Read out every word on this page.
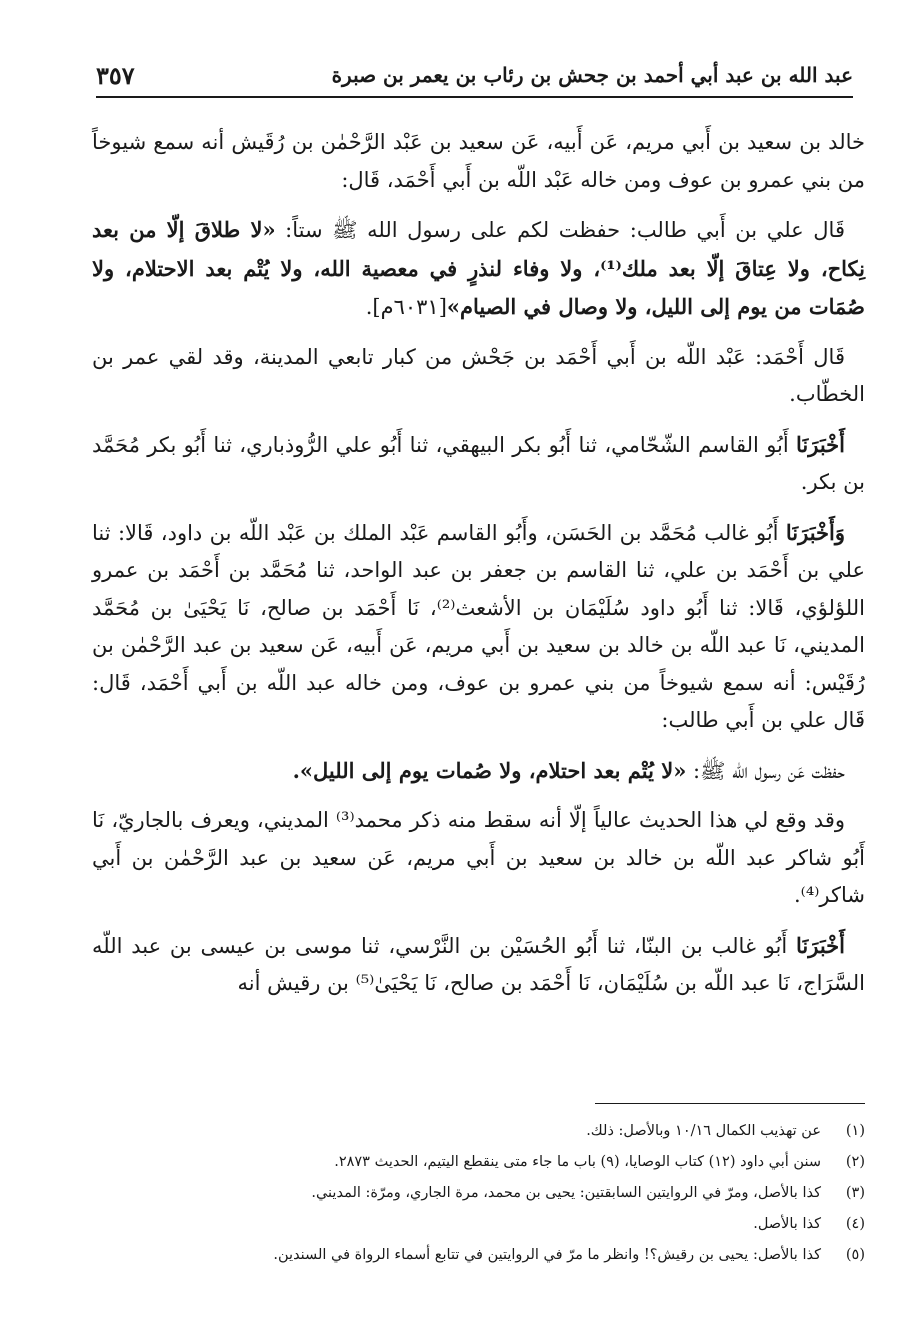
عبد الله بن عبد أبي أحمد بن جحش بن رئاب بن يعمر بن صبرة
٣٥٧

خالد بن سعيد بن أَبي مريم، عَن أَبيه، عَن سعيد بن عَبْد الرَّحْمٰن بن رُقَيش أنه سمع شيوخاً من بني عمرو بن عوف ومن خاله عَبْد اللّه بن أَبي أَحْمَد، قَال:

قَال علي بن أَبي طالب: حفظت لكم على رسول الله ﷺ ستاً: «لا طلاقَ إلّا من بعد نِكاح، ولا عِتاقَ إلّا بعد ملك⁽¹⁾، ولا وفاء لنذرٍ في معصية الله، ولا يُتْم بعد الاحتلام، ولا صُمَات من يوم إلى الليل، ولا وصال في الصيام»[٦٠٣١م].

قَال أَحْمَد: عَبْد اللّه بن أَبي أَحْمَد بن جَحْش من كبار تابعي المدينة، وقد لقي عمر بن الخطّاب.

أَخْبَرَنَا أَبُو القاسم الشّحّامي، ثنا أَبُو بكر البيهقي، ثنا أَبُو علي الرُّوذباري، ثنا أَبُو بكر مُحَمَّد بن بكر.

وَأَخْبَرَنَا أَبُو غالب مُحَمَّد بن الحَسَن، وأَبُو القاسم عَبْد الملك بن عَبْد اللّه بن داود، قَالا: ثنا علي بن أَحْمَد بن علي، ثنا القاسم بن جعفر بن عبد الواحد، ثنا مُحَمَّد بن أَحْمَد بن عمرو اللؤلؤي، قَالا: ثنا أَبُو داود سُلَيْمَان بن الأشعث⁽²⁾، نَا أَحْمَد بن صالح، نَا يَحْيَىٰ بن مُحَمَّد المديني، نَا عبد اللّه بن خالد بن سعيد بن أَبي مريم، عَن أَبيه، عَن سعيد بن عبد الرَّحْمٰن بن رُقَيْس: أنه سمع شيوخاً من بني عمرو بن عوف، ومن خاله عبد اللّه بن أَبي أَحْمَد، قَال: قَال علي بن أَبي طالب:

حفظت عَن رسول الله ﷺ: «لا يُتْم بعد احتلام، ولا صُمات يوم إلى الليل».

وقد وقع لي هذا الحديث عالياً إلّا أنه سقط منه ذكر محمد⁽³⁾ المديني، ويعرف بالجاريّ، نَا أَبُو شاكر عبد اللّه بن خالد بن سعيد بن أَبي مريم، عَن سعيد بن عبد الرَّحْمٰن بن أَبي شاكر⁽⁴⁾.

أَخْبَرَنَا أَبُو غالب بن البنّا، ثنا أَبُو الحُسَيْن بن النَّرْسي، ثنا موسى بن عيسى بن عبد اللّه السَّرَاج، نَا عبد اللّه بن سُلَيْمَان، نَا أَحْمَد بن صالح، نَا يَحْيَىٰ⁽⁵⁾ بن رقيش أنه

(١)
عن تهذيب الكمال ١٠/١٦ وبالأصل: ذلك.
(٢)
سنن أبي داود (١٢) كتاب الوصايا، (٩) باب ما جاء متى ينقطع اليتيم، الحديث ٢٨٧٣.
(٣)
كذا بالأصل، ومرّ في الروايتين السابقتين: يحيى بن محمد، مرة الجاري، ومرّة: المديني.
(٤)
كذا بالأصل.
(٥)
كذا بالأصل: يحيى بن رقيش؟! وانظر ما مرّ في الروايتين في تتابع أسماء الرواة في السندين.
